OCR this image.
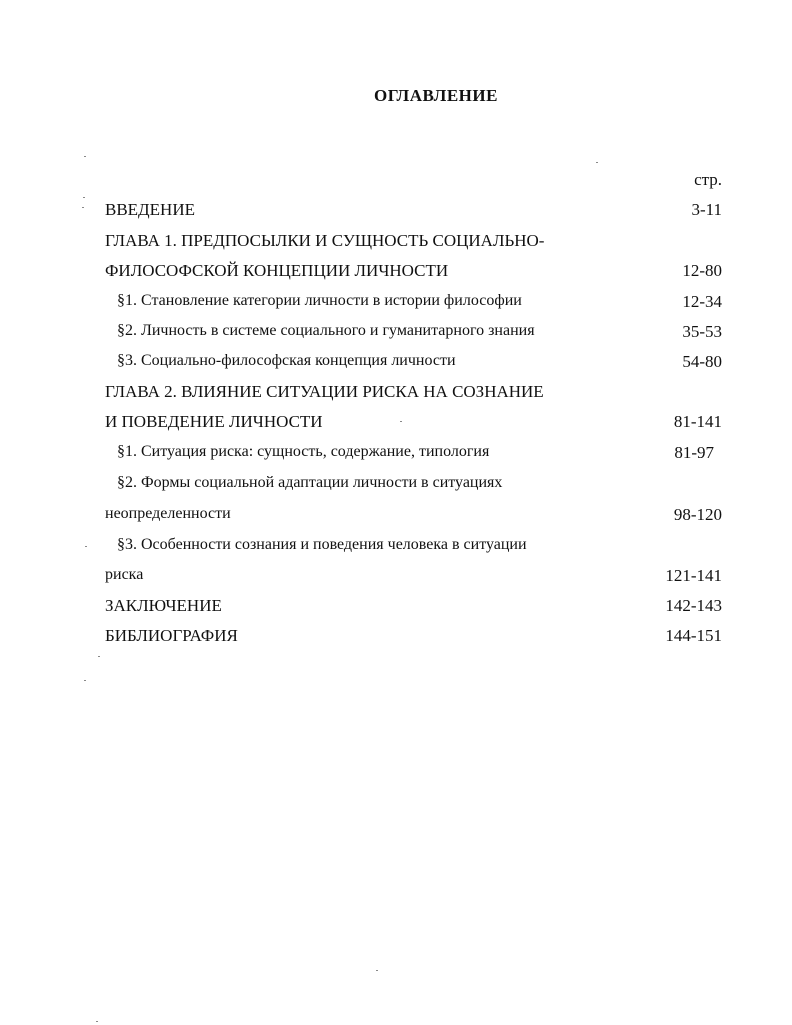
ОГЛАВЛЕНИЕ
стр.
ВВЕДЕНИЕ	3-11
ГЛАВА 1. ПРЕДПОСЫЛКИ И СУЩНОСТЬ СОЦИАЛЬНО-
ФИЛОСОФСКОЙ КОНЦЕПЦИИ ЛИЧНОСТИ	12-80
§1. Становление категории личности в истории философии	12-34
§2. Личность в системе социального и гуманитарного знания	35-53
§3. Социально-философская концепция личности	54-80
ГЛАВА 2. ВЛИЯНИЕ СИТУАЦИИ РИСКА НА СОЗНАНИЕ
И ПОВЕДЕНИЕ ЛИЧНОСТИ	81-141
§1. Ситуация риска: сущность, содержание, типология	81-97
§2. Формы социальной адаптации личности в ситуациях
неопределенности	98-120
§3. Особенности сознания и поведения человека в ситуации
риска	121-141
ЗАКЛЮЧЕНИЕ	142-143
БИБЛИОГРАФИЯ	144-151
